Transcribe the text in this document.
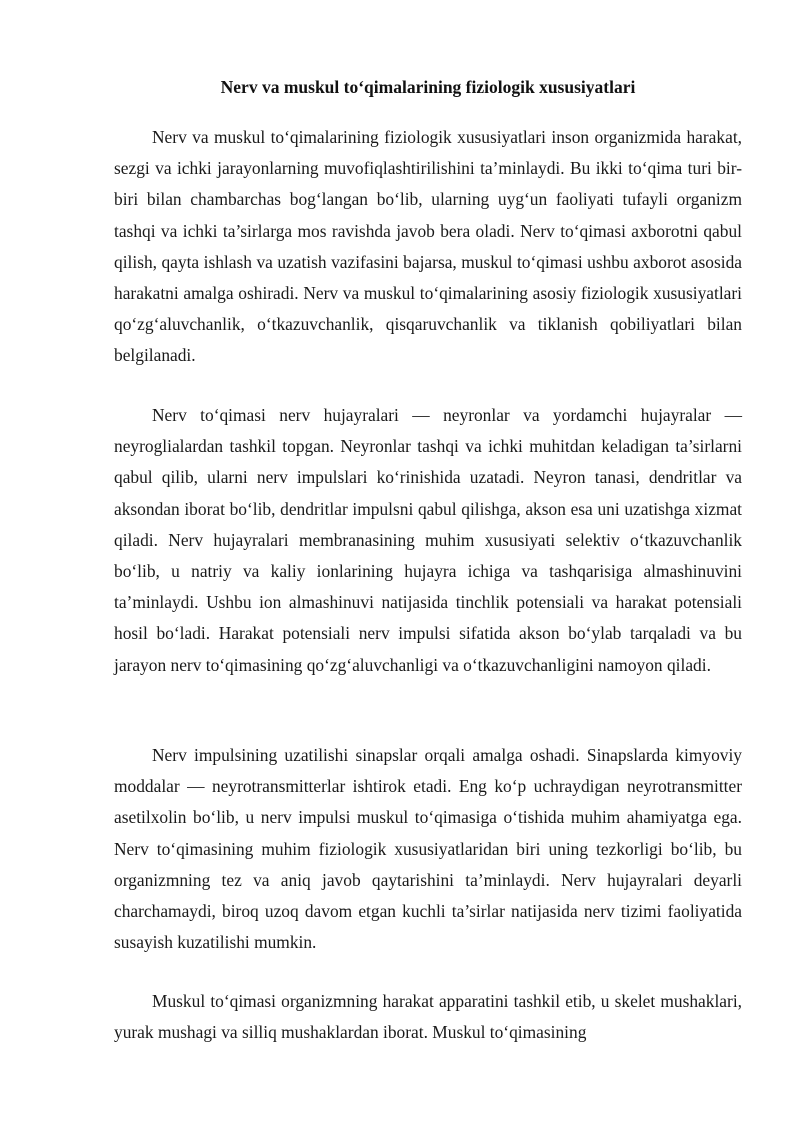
Nerv va muskul to‘qimalarining fiziologik xususiyatlari

Nerv va muskul to‘qimalarining fiziologik xususiyatlari inson organizmida harakat, sezgi va ichki jarayonlarning muvofiqlashtirilishini ta’minlaydi. Bu ikki to‘qima turi bir-biri bilan chambarchas bog‘langan bo‘lib, ularning uyg‘un faoliyati tufayli organizm tashqi va ichki ta’sirlarga mos ravishda javob bera oladi. Nerv to‘qimasi axborotni qabul qilish, qayta ishlash va uzatish vazifasini bajarsa, muskul to‘qimasi ushbu axborot asosida harakatni amalga oshiradi. Nerv va muskul to‘qimalarining asosiy fiziologik xususiyatlari qo‘zg‘aluvchanlik, o‘tkazuvchanlik, qisqaruvchanlik va tiklanish qobiliyatlari bilan belgilanadi.

Nerv to‘qimasi nerv hujayralari — neyronlar va yordamchi hujayralar — neyroglialardan tashkil topgan. Neyronlar tashqi va ichki muhitdan keladigan ta’sirlarni qabul qilib, ularni nerv impulslari ko‘rinishida uzatadi. Neyron tanasi, dendritlar va aksondan iborat bo‘lib, dendritlar impulsni qabul qilishga, akson esa uni uzatishga xizmat qiladi. Nerv hujayralari membranasining muhim xususiyati selektiv o‘tkazuvchanlik bo‘lib, u natriy va kaliy ionlarining hujayra ichiga va tashqarisiga almashinuvini ta’minlaydi. Ushbu ion almashinuvi natijasida tinchlik potensiali va harakat potensiali hosil bo‘ladi. Harakat potensiali nerv impulsi sifatida akson bo‘ylab tarqaladi va bu jarayon nerv to‘qimasining qo‘zg‘aluvchanligi va o‘tkazuvchanligini namoyon qiladi.

Nerv impulsining uzatilishi sinapslar orqali amalga oshadi. Sinapslarda kimyoviy moddalar — neyrotransmitterlar ishtirok etadi. Eng ko‘p uchraydigan neyrotransmitter asetilxolin bo‘lib, u nerv impulsi muskul to‘qimasiga o‘tishida muhim ahamiyatga ega. Nerv to‘qimasining muhim fiziologik xususiyatlaridan biri uning tezkorligi bo‘lib, bu organizmning tez va aniq javob qaytarishini ta’minlaydi. Nerv hujayralari deyarli charchamaydi, biroq uzoq davom etgan kuchli ta’sirlar natijasida nerv tizimi faoliyatida susayish kuzatilishi mumkin.

Muskul to‘qimasi organizmning harakat apparatini tashkil etib, u skelet mushaklari, yurak mushagi va silliq mushaklardan iborat. Muskul to‘qimasining
